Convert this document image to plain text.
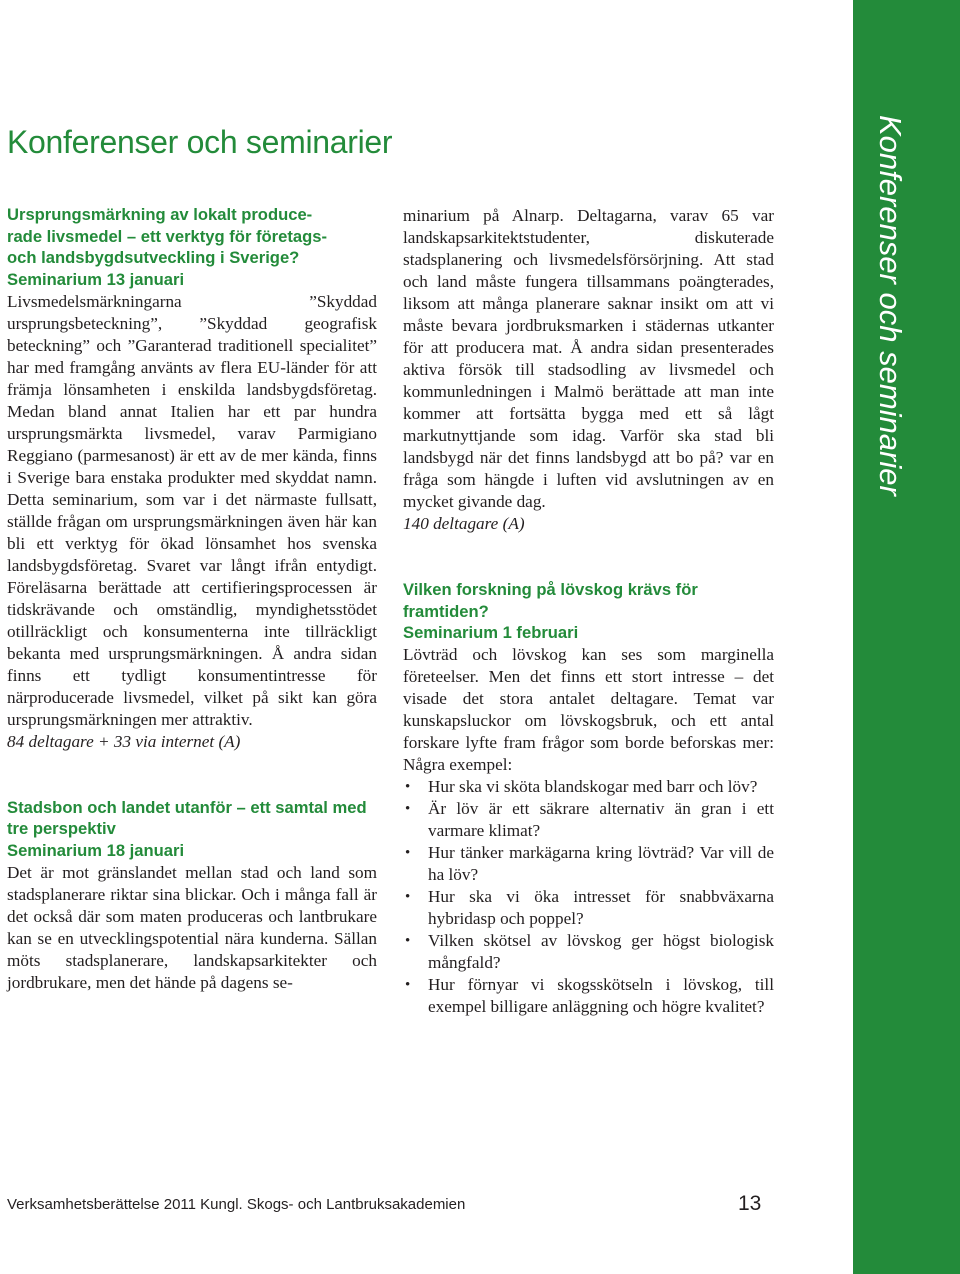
Konferenser och seminarier
Konferenser och seminarier

Ursprungsmärkning av lokalt produce-
rade livsmedel – ett verktyg för företags-
och landsbygdsutveckling i Sverige?

Seminarium 13 januari

Livsmedelsmärkningarna ”Skyddad ursprungsbeteckning”, ”Skyddad geografisk beteckning” och ”Garanterad traditionell specialitet” har med framgång använts av flera EU-länder för att främja lönsamheten i enskilda landsbygdsföretag. Medan bland annat Italien har ett par hundra ursprungsmärkta livsmedel, varav Parmigiano Reggiano (parmesanost) är ett av de mer kända, finns i Sverige bara enstaka produkter med skyddat namn. Detta seminarium, som var i det närmaste fullsatt, ställde frågan om ursprungsmärkningen även här kan bli ett verktyg för ökad lönsamhet hos svenska landsbygdsföretag. Svaret var långt ifrån entydigt. Föreläsarna berättade att certifieringsprocessen är tidskrävande och omständlig, myndighetsstödet otillräckligt och konsumenterna inte tillräckligt bekanta med ursprungsmärkningen. Å andra sidan finns ett tydligt konsumentintresse för närproducerade livsmedel, vilket på sikt kan göra ursprungsmärkningen mer attraktiv.

84 deltagare + 33 via internet (A)

Stadsbon och landet utanför – ett samtal med tre perspektiv

Seminarium 18 januari

Det är mot gränslandet mellan stad och land som stadsplanerare riktar sina blickar. Och i många fall är det också där som maten produceras och lantbrukare kan se en utvecklingspotential nära kunderna. Sällan möts stadsplanerare, landskapsarkitekter och jordbrukare, men det hände på dagens se-

minarium på Alnarp. Deltagarna, varav 65 var landskapsarkitektstudenter, diskuterade stadsplanering och livsmedelsförsörjning. Att stad och land måste fungera tillsammans poängterades, liksom att många planerare saknar insikt om att vi måste bevara jordbruksmarken i städernas utkanter för att producera mat. Å andra sidan presenterades aktiva försök till stadsodling av livsmedel och kommunledningen i Malmö berättade att man inte kommer att fortsätta bygga med ett så lågt markutnyttjande som idag. Varför ska stad bli landsbygd när det finns landsbygd att bo på? var en fråga som hängde i luften vid avslutningen av en mycket givande dag.

140 deltagare (A)

Vilken forskning på lövskog krävs för framtiden?

Seminarium 1 februari

Lövträd och lövskog kan ses som marginella företeelser. Men det finns ett stort intresse – det visade det stora antalet deltagare. Temat var kunskapsluckor om lövskogsbruk, och ett antal forskare lyfte fram frågor som borde beforskas mer: Några exempel:

• Hur ska vi sköta blandskogar med barr och löv?
• Är löv är ett säkrare alternativ än gran i ett varmare klimat?
• Hur tänker markägarna kring lövträd? Var vill de ha löv?
• Hur ska vi öka intresset för snabbväxarna hybridasp och poppel?
• Vilken skötsel av lövskog ger högst biologisk mångfald?
• Hur förnyar vi skogsskötseln i lövskog, till exempel billigare anläggning och högre kvalitet?
Verksamhetsberättelse 2011 Kungl. Skogs- och Lantbruksakademien	13
